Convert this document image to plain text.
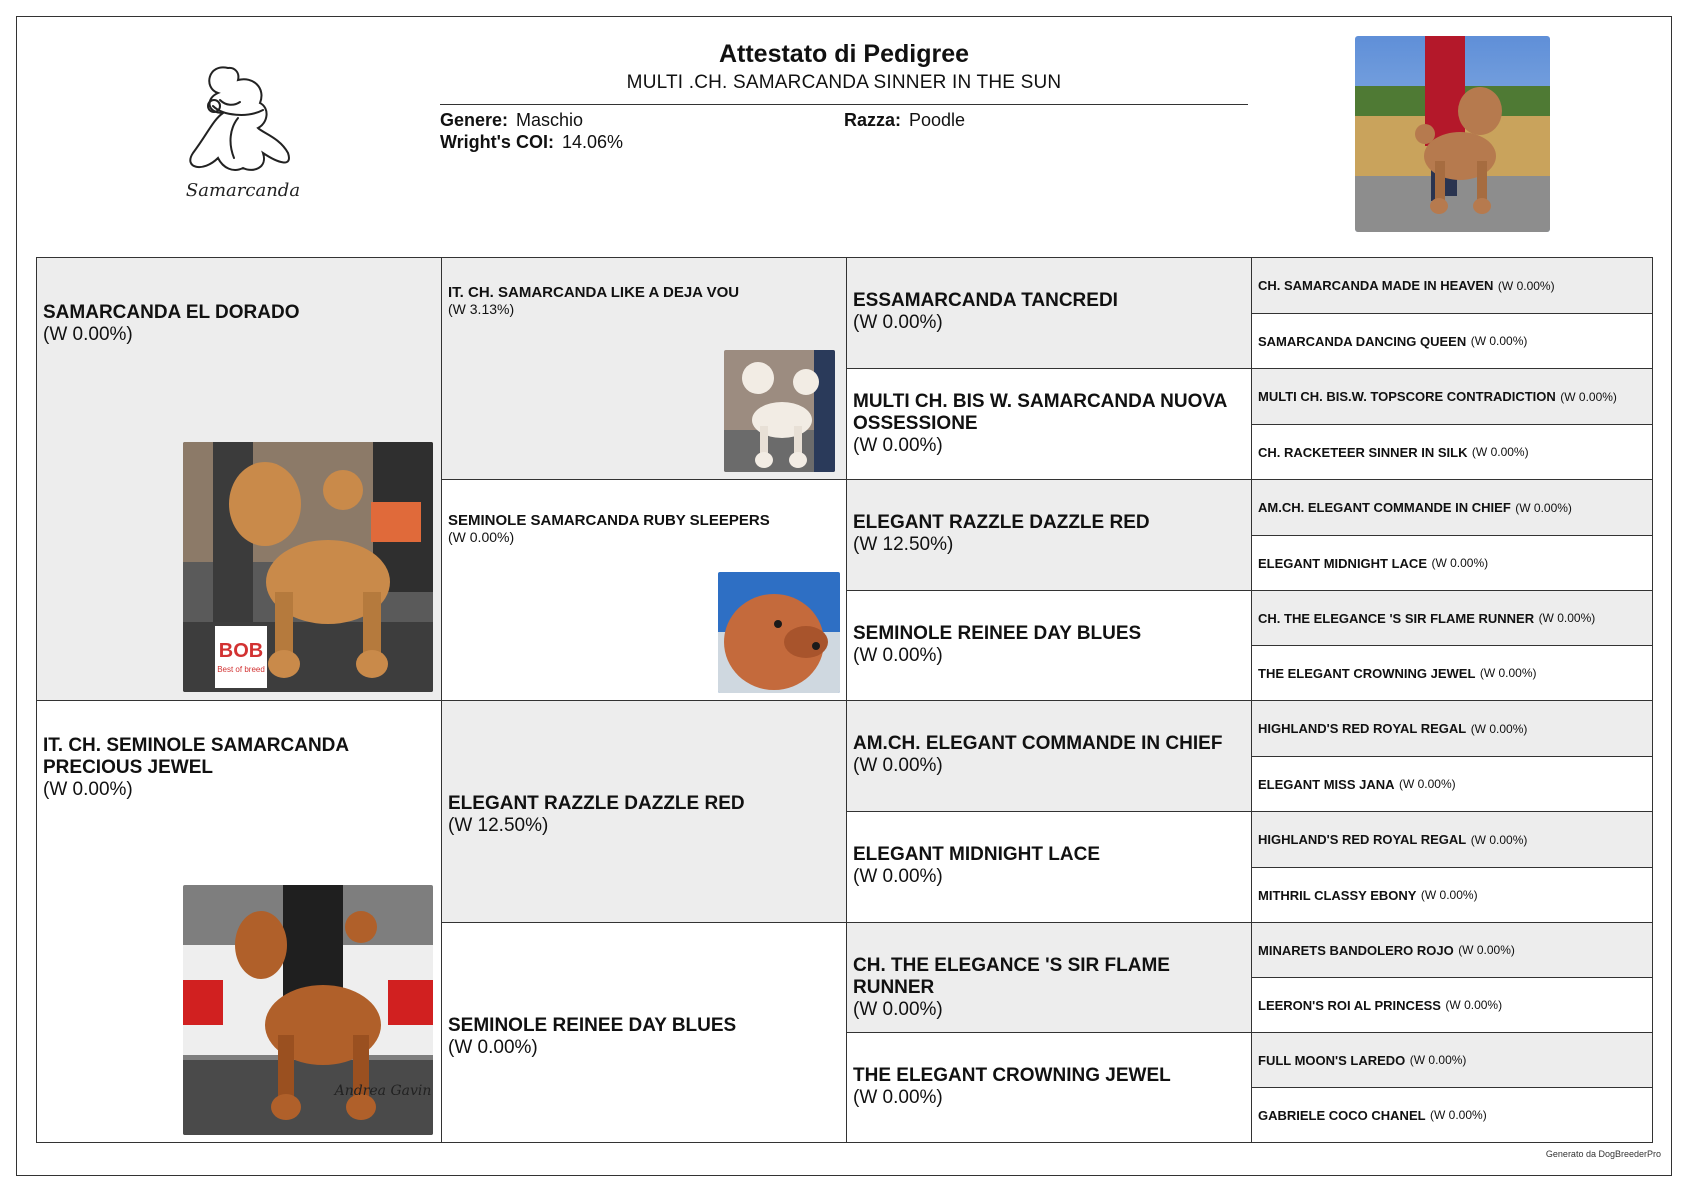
Samarcanda
Attestato di Pedigree
MULTI .CH. SAMARCANDA SINNER IN THE SUN
Genere: Maschio	Razza: Poodle
Wright's COI: 14.06%
SAMARCANDA EL DORADO
(W 0.00%)
BOB
Best of breed
IT. CH. SEMINOLE SAMARCANDA PRECIOUS JEWEL
(W 0.00%)
Andrea Gavin
IT. CH. SAMARCANDA LIKE A DEJA VOU
(W 3.13%)
SEMINOLE SAMARCANDA RUBY SLEEPERS
(W 0.00%)
ELEGANT RAZZLE DAZZLE RED
(W 12.50%)
SEMINOLE REINEE DAY BLUES
(W 0.00%)
ESSAMARCANDA TANCREDI
(W 0.00%)
MULTI CH. BIS W. SAMARCANDA NUOVA OSSESSIONE
(W 0.00%)
ELEGANT RAZZLE DAZZLE RED
(W 12.50%)
SEMINOLE REINEE DAY BLUES
(W 0.00%)
AM.CH. ELEGANT COMMANDE IN CHIEF
(W 0.00%)
ELEGANT MIDNIGHT LACE
(W 0.00%)
CH. THE ELEGANCE 'S SIR FLAME RUNNER
(W 0.00%)
THE ELEGANT CROWNING JEWEL
(W 0.00%)
CH. SAMARCANDA MADE IN HEAVEN
(W 0.00%)
SAMARCANDA DANCING QUEEN
(W 0.00%)
MULTI CH. BIS.W. TOPSCORE CONTRADICTION
(W 0.00%)
CH. RACKETEER SINNER IN SILK
(W 0.00%)
AM.CH. ELEGANT COMMANDE IN CHIEF
(W 0.00%)
ELEGANT MIDNIGHT LACE
(W 0.00%)
CH. THE ELEGANCE 'S SIR FLAME RUNNER
(W 0.00%)
THE ELEGANT CROWNING JEWEL
(W 0.00%)
HIGHLAND'S RED ROYAL REGAL
(W 0.00%)
ELEGANT MISS JANA
(W 0.00%)
HIGHLAND'S RED ROYAL REGAL
(W 0.00%)
MITHRIL CLASSY EBONY
(W 0.00%)
MINARETS BANDOLERO ROJO
(W 0.00%)
LEERON'S ROI AL PRINCESS
(W 0.00%)
FULL MOON'S LAREDO
(W 0.00%)
GABRIELE COCO CHANEL
(W 0.00%)
Generato da DogBreederPro
